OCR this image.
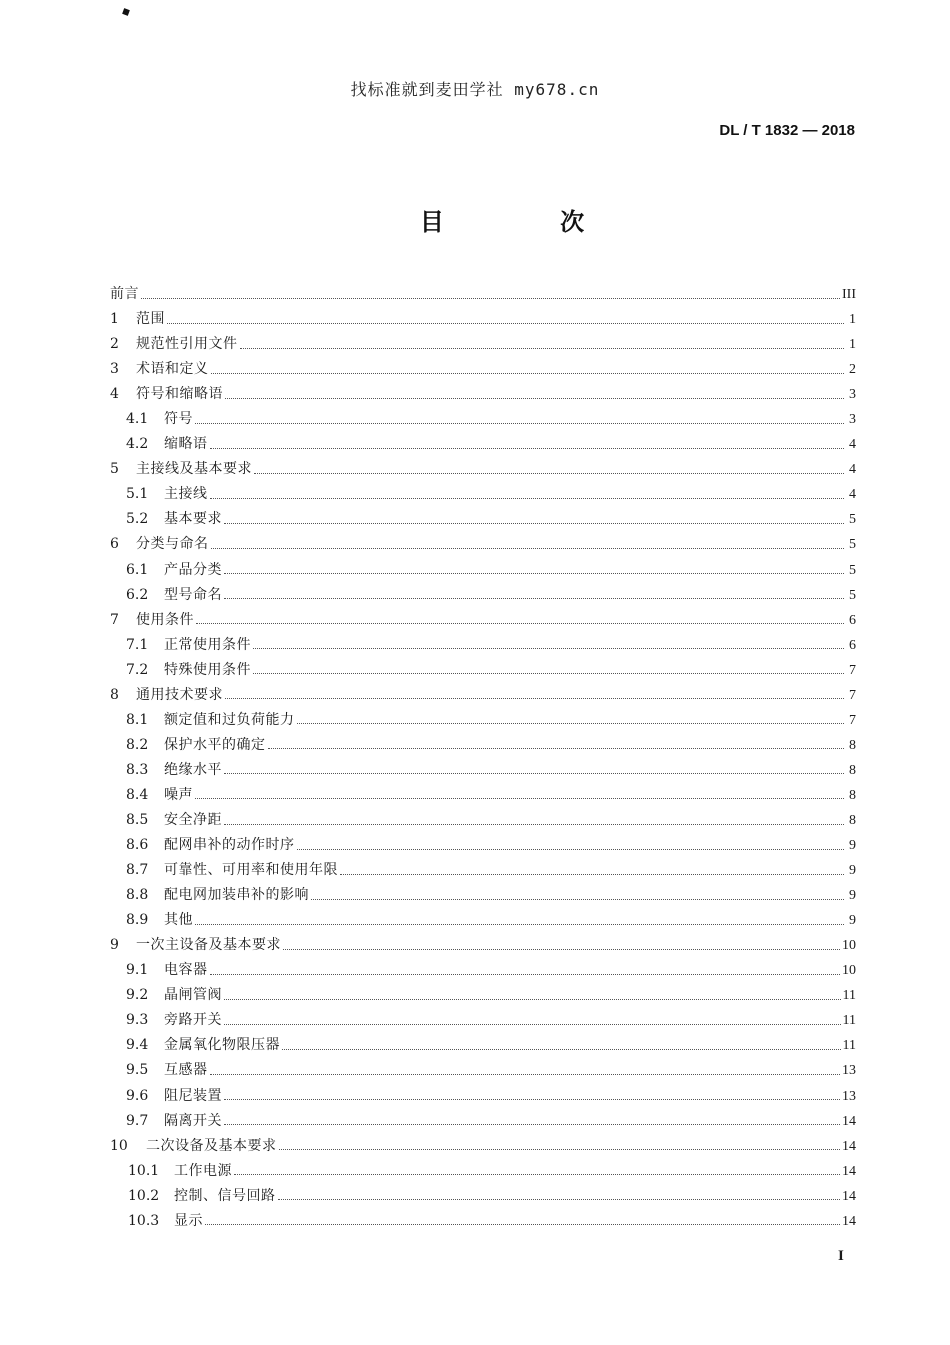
找标准就到麦田学社 my678.cn
DL / T 1832 — 2018
目 次
前言	III
1	范围	1
2	规范性引用文件	1
3	术语和定义	2
4	符号和缩略语	3
4.1	符号	3
4.2	缩略语	4
5	主接线及基本要求	4
5.1	主接线	4
5.2	基本要求	5
6	分类与命名	5
6.1	产品分类	5
6.2	型号命名	5
7	使用条件	6
7.1	正常使用条件	6
7.2	特殊使用条件	7
8	通用技术要求	7
8.1	额定值和过负荷能力	7
8.2	保护水平的确定	8
8.3	绝缘水平	8
8.4	噪声	8
8.5	安全净距	8
8.6	配网串补的动作时序	9
8.7	可靠性、可用率和使用年限	9
8.8	配电网加装串补的影响	9
8.9	其他	9
9	一次主设备及基本要求	10
9.1	电容器	10
9.2	晶闸管阀	11
9.3	旁路开关	11
9.4	金属氧化物限压器	11
9.5	互感器	13
9.6	阻尼装置	13
9.7	隔离开关	14
10	二次设备及基本要求	14
10.1	工作电源	14
10.2	控制、信号回路	14
10.3	显示	14
I
